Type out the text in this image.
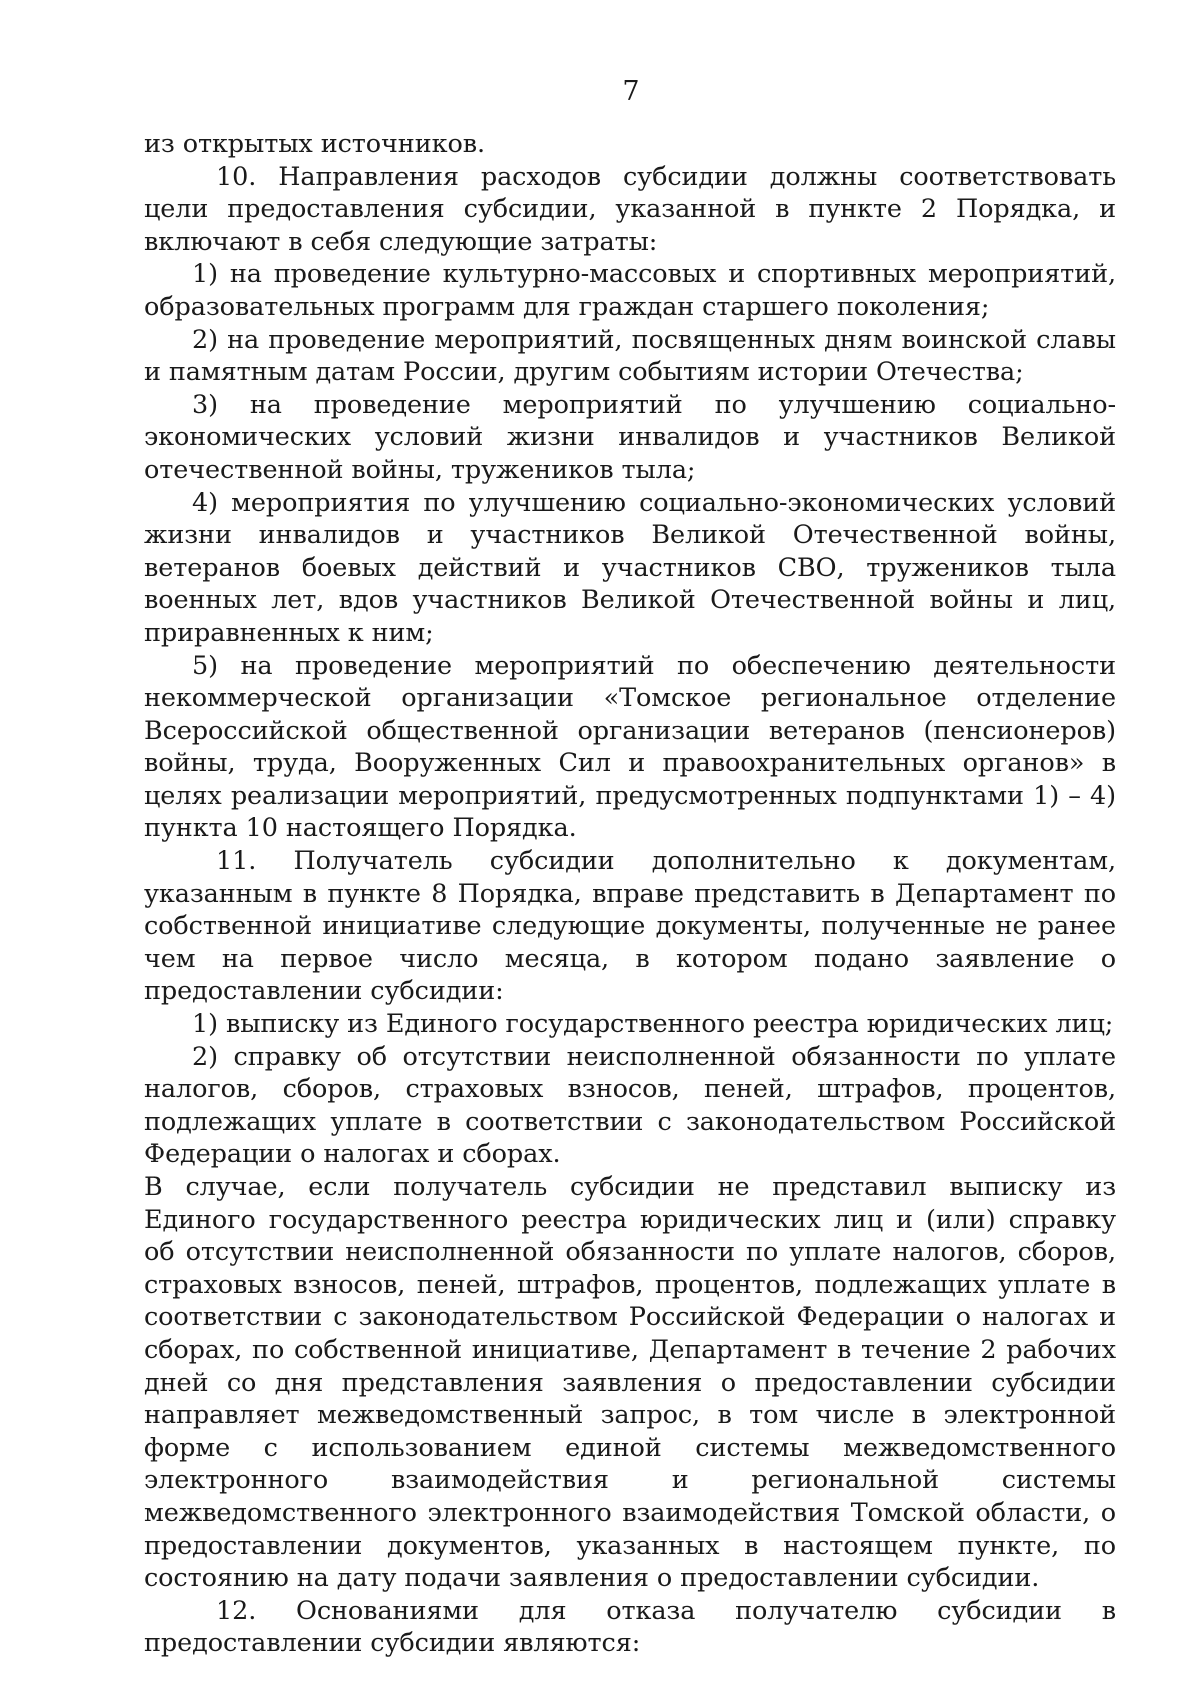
7

из открытых источников.

10. Направления расходов субсидии должны соответствовать цели предоставления субсидии, указанной в пункте 2 Порядка, и включают в себя следующие затраты:

1) на проведение культурно-массовых и спортивных мероприятий, образовательных программ для граждан старшего поколения;

2) на проведение мероприятий, посвященных дням воинской славы и памятным датам России, другим событиям истории Отечества;

3) на проведение мероприятий по улучшению социально-экономических условий жизни инвалидов и участников Великой отечественной войны, тружеников тыла;

4) мероприятия по улучшению социально-экономических условий жизни инвалидов и участников Великой Отечественной войны, ветеранов боевых действий и участников СВО, тружеников тыла военных лет, вдов участников Великой Отечественной войны и лиц, приравненных к ним;

5) на проведение мероприятий по обеспечению деятельности некоммерческой организации «Томское региональное отделение Всероссийской общественной организации ветеранов (пенсионеров) войны, труда, Вооруженных Сил и правоохранительных органов» в целях реализации мероприятий, предусмотренных подпунктами 1) – 4) пункта 10 настоящего Порядка.

11. Получатель субсидии дополнительно к документам, указанным в пункте 8 Порядка, вправе представить в Департамент по собственной инициативе следующие документы, полученные не ранее чем на первое число месяца, в котором подано заявление о предоставлении субсидии:

1) выписку из Единого государственного реестра юридических лиц;

2) справку об отсутствии неисполненной обязанности по уплате налогов, сборов, страховых взносов, пеней, штрафов, процентов, подлежащих уплате в соответствии с законодательством Российской Федерации о налогах и сборах.

В случае, если получатель субсидии не представил выписку из Единого государственного реестра юридических лиц и (или) справку об отсутствии неисполненной обязанности по уплате налогов, сборов, страховых взносов, пеней, штрафов, процентов, подлежащих уплате в соответствии с законодательством Российской Федерации о налогах и сборах, по собственной инициативе, Департамент в течение 2 рабочих дней со дня представления заявления о предоставлении субсидии направляет межведомственный запрос, в том числе в электронной форме с использованием единой системы межведомственного электронного взаимодействия и региональной системы межведомственного электронного взаимодействия Томской области, о предоставлении документов, указанных в настоящем пункте, по состоянию на дату подачи заявления о предоставлении субсидии.

12. Основаниями для отказа получателю субсидии в предоставлении субсидии являются:
